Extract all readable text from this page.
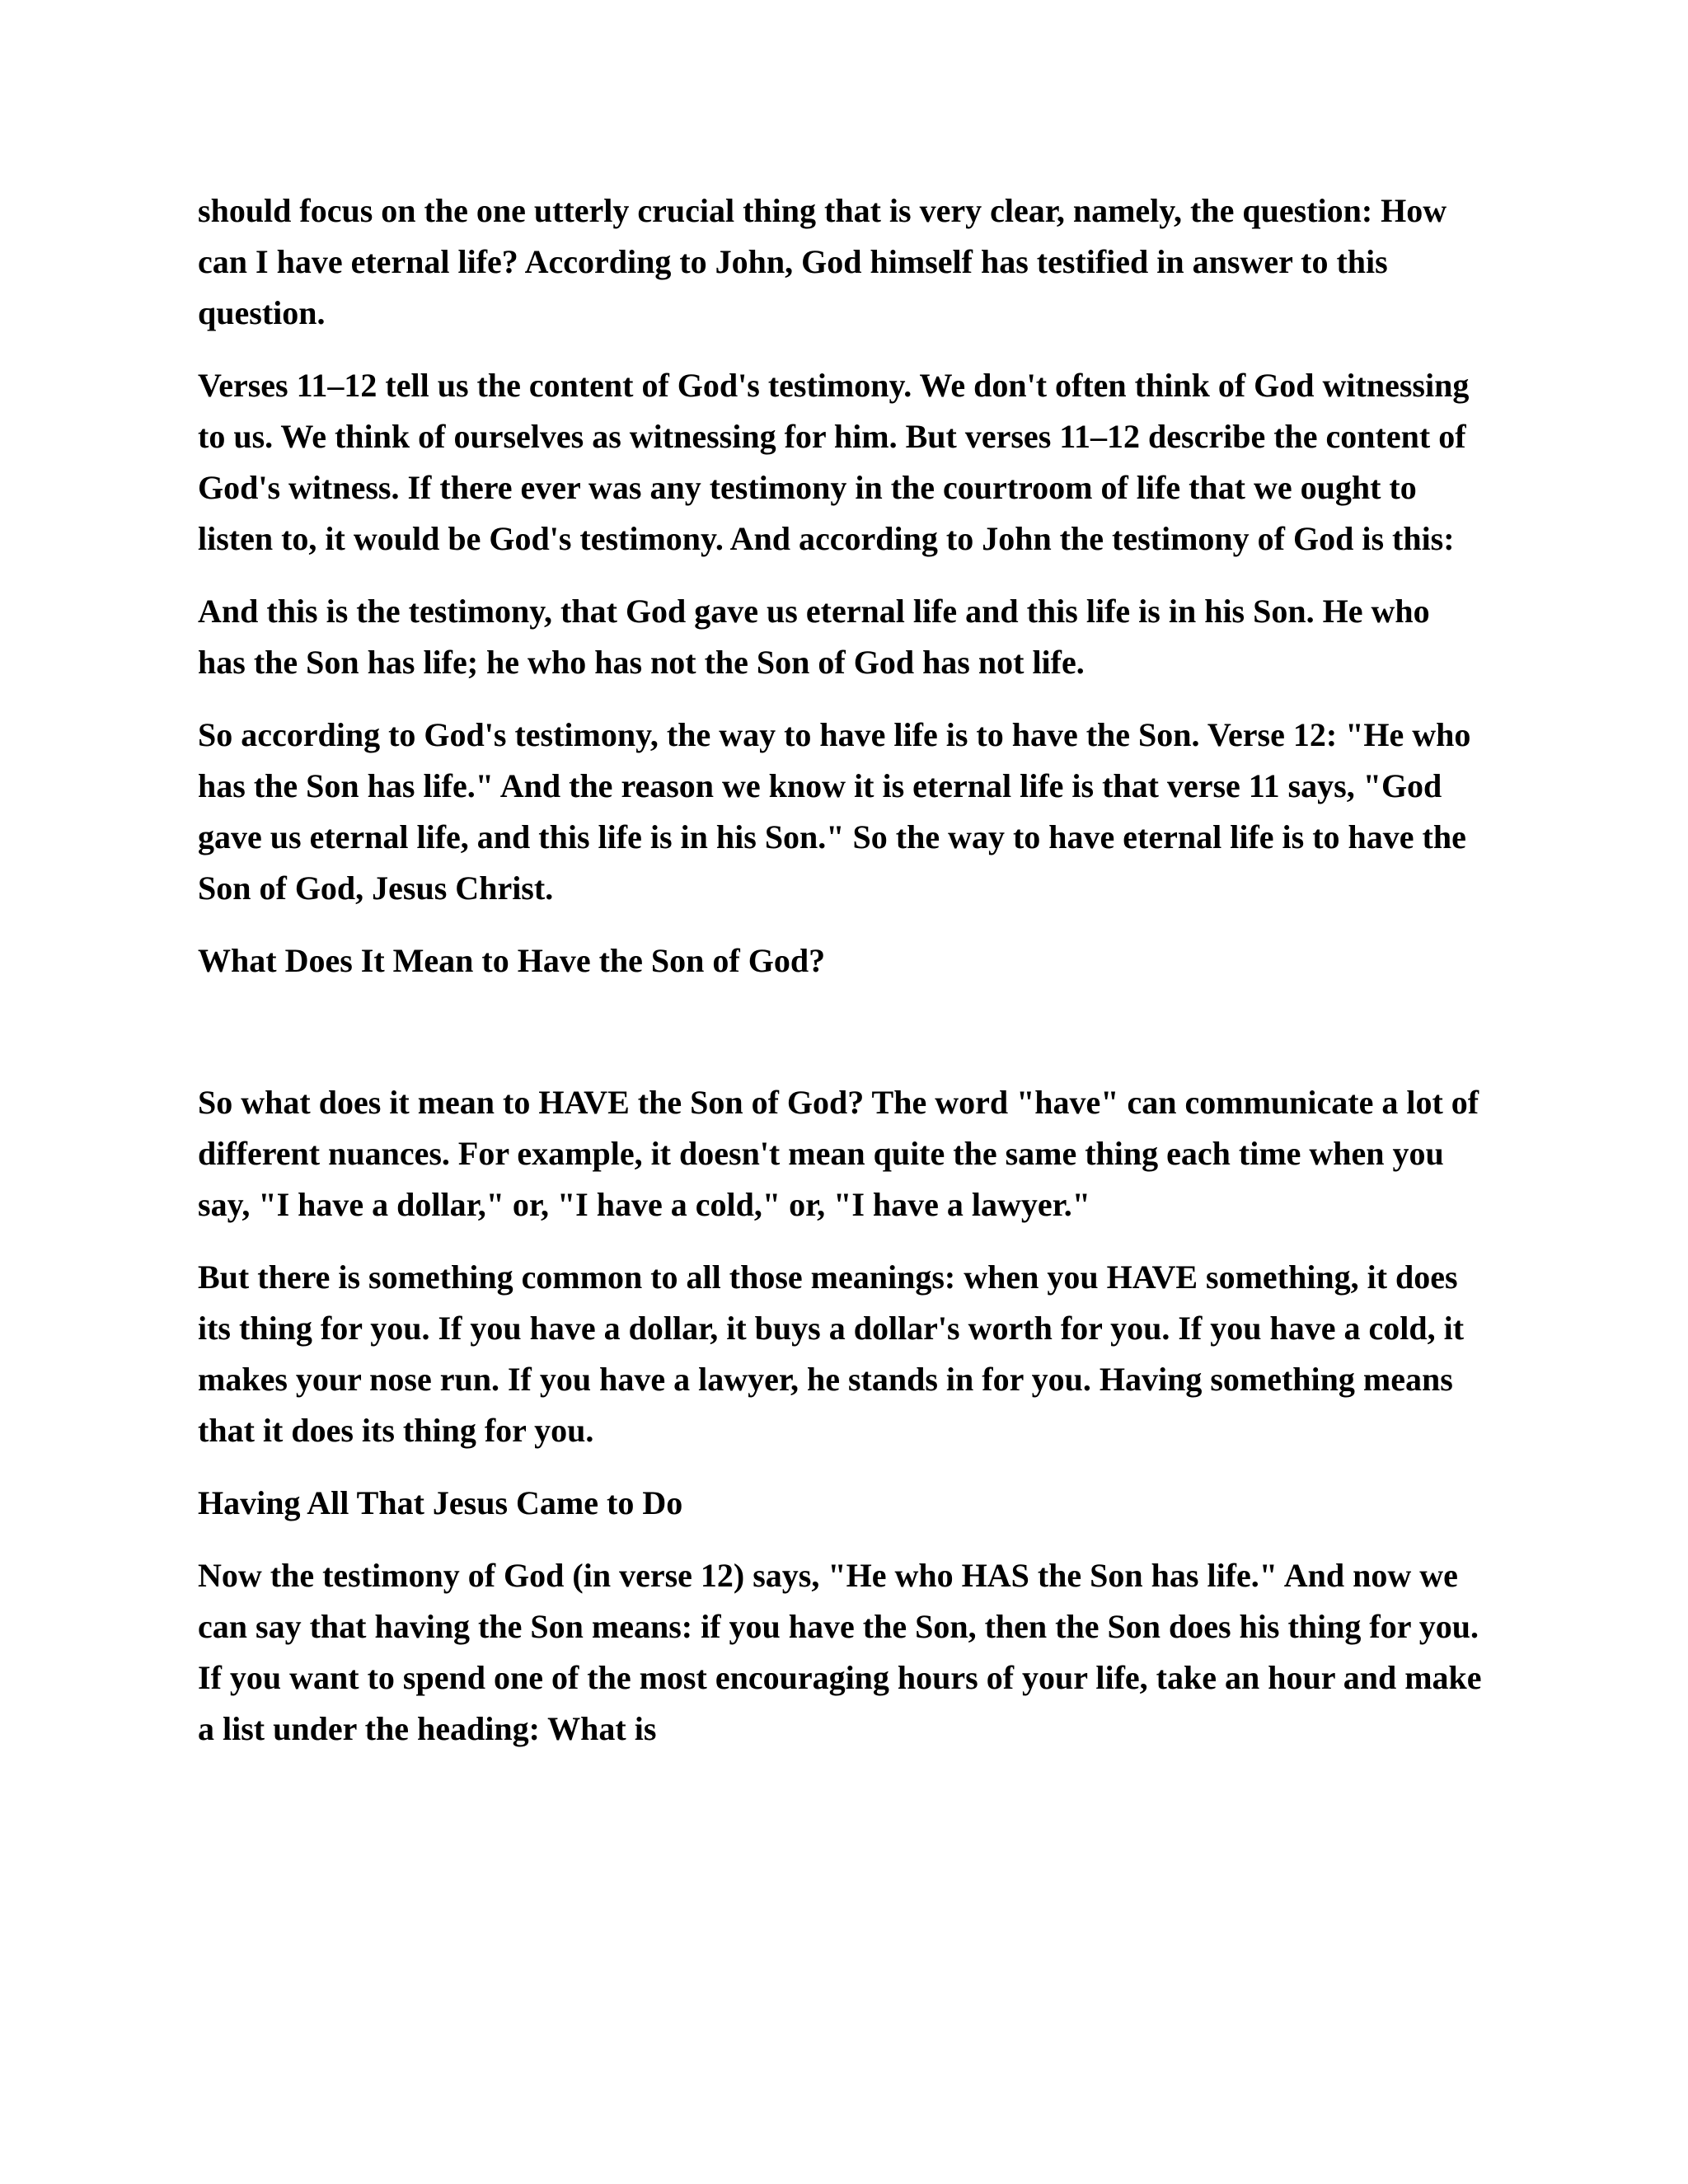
should focus on the one utterly crucial thing that is very clear, namely, the question: How can I have eternal life? According to John, God himself has testified in answer to this question.

Verses 11–12 tell us the content of God's testimony. We don't often think of God witnessing to us. We think of ourselves as witnessing for him. But verses 11–12 describe the content of God's witness. If there ever was any testimony in the courtroom of life that we ought to listen to, it would be God's testimony. And according to John the testimony of God is this:

And this is the testimony, that God gave us eternal life and this life is in his Son. He who has the Son has life; he who has not the Son of God has not life.

So according to God's testimony, the way to have life is to have the Son. Verse 12: "He who has the Son has life." And the reason we know it is eternal life is that verse 11 says, "God gave us eternal life, and this life is in his Son." So the way to have eternal life is to have the Son of God, Jesus Christ.

What Does It Mean to Have the Son of God?

So what does it mean to HAVE the Son of God? The word "have" can communicate a lot of different nuances. For example, it doesn't mean quite the same thing each time when you say, "I have a dollar," or, "I have a cold," or, "I have a lawyer."

But there is something common to all those meanings: when you HAVE something, it does its thing for you. If you have a dollar, it buys a dollar's worth for you. If you have a cold, it makes your nose run. If you have a lawyer, he stands in for you. Having something means that it does its thing for you.

Having All That Jesus Came to Do

Now the testimony of God (in verse 12) says, "He who HAS the Son has life." And now we can say that having the Son means: if you have the Son, then the Son does his thing for you. If you want to spend one of the most encouraging hours of your life, take an hour and make a list under the heading: What is
